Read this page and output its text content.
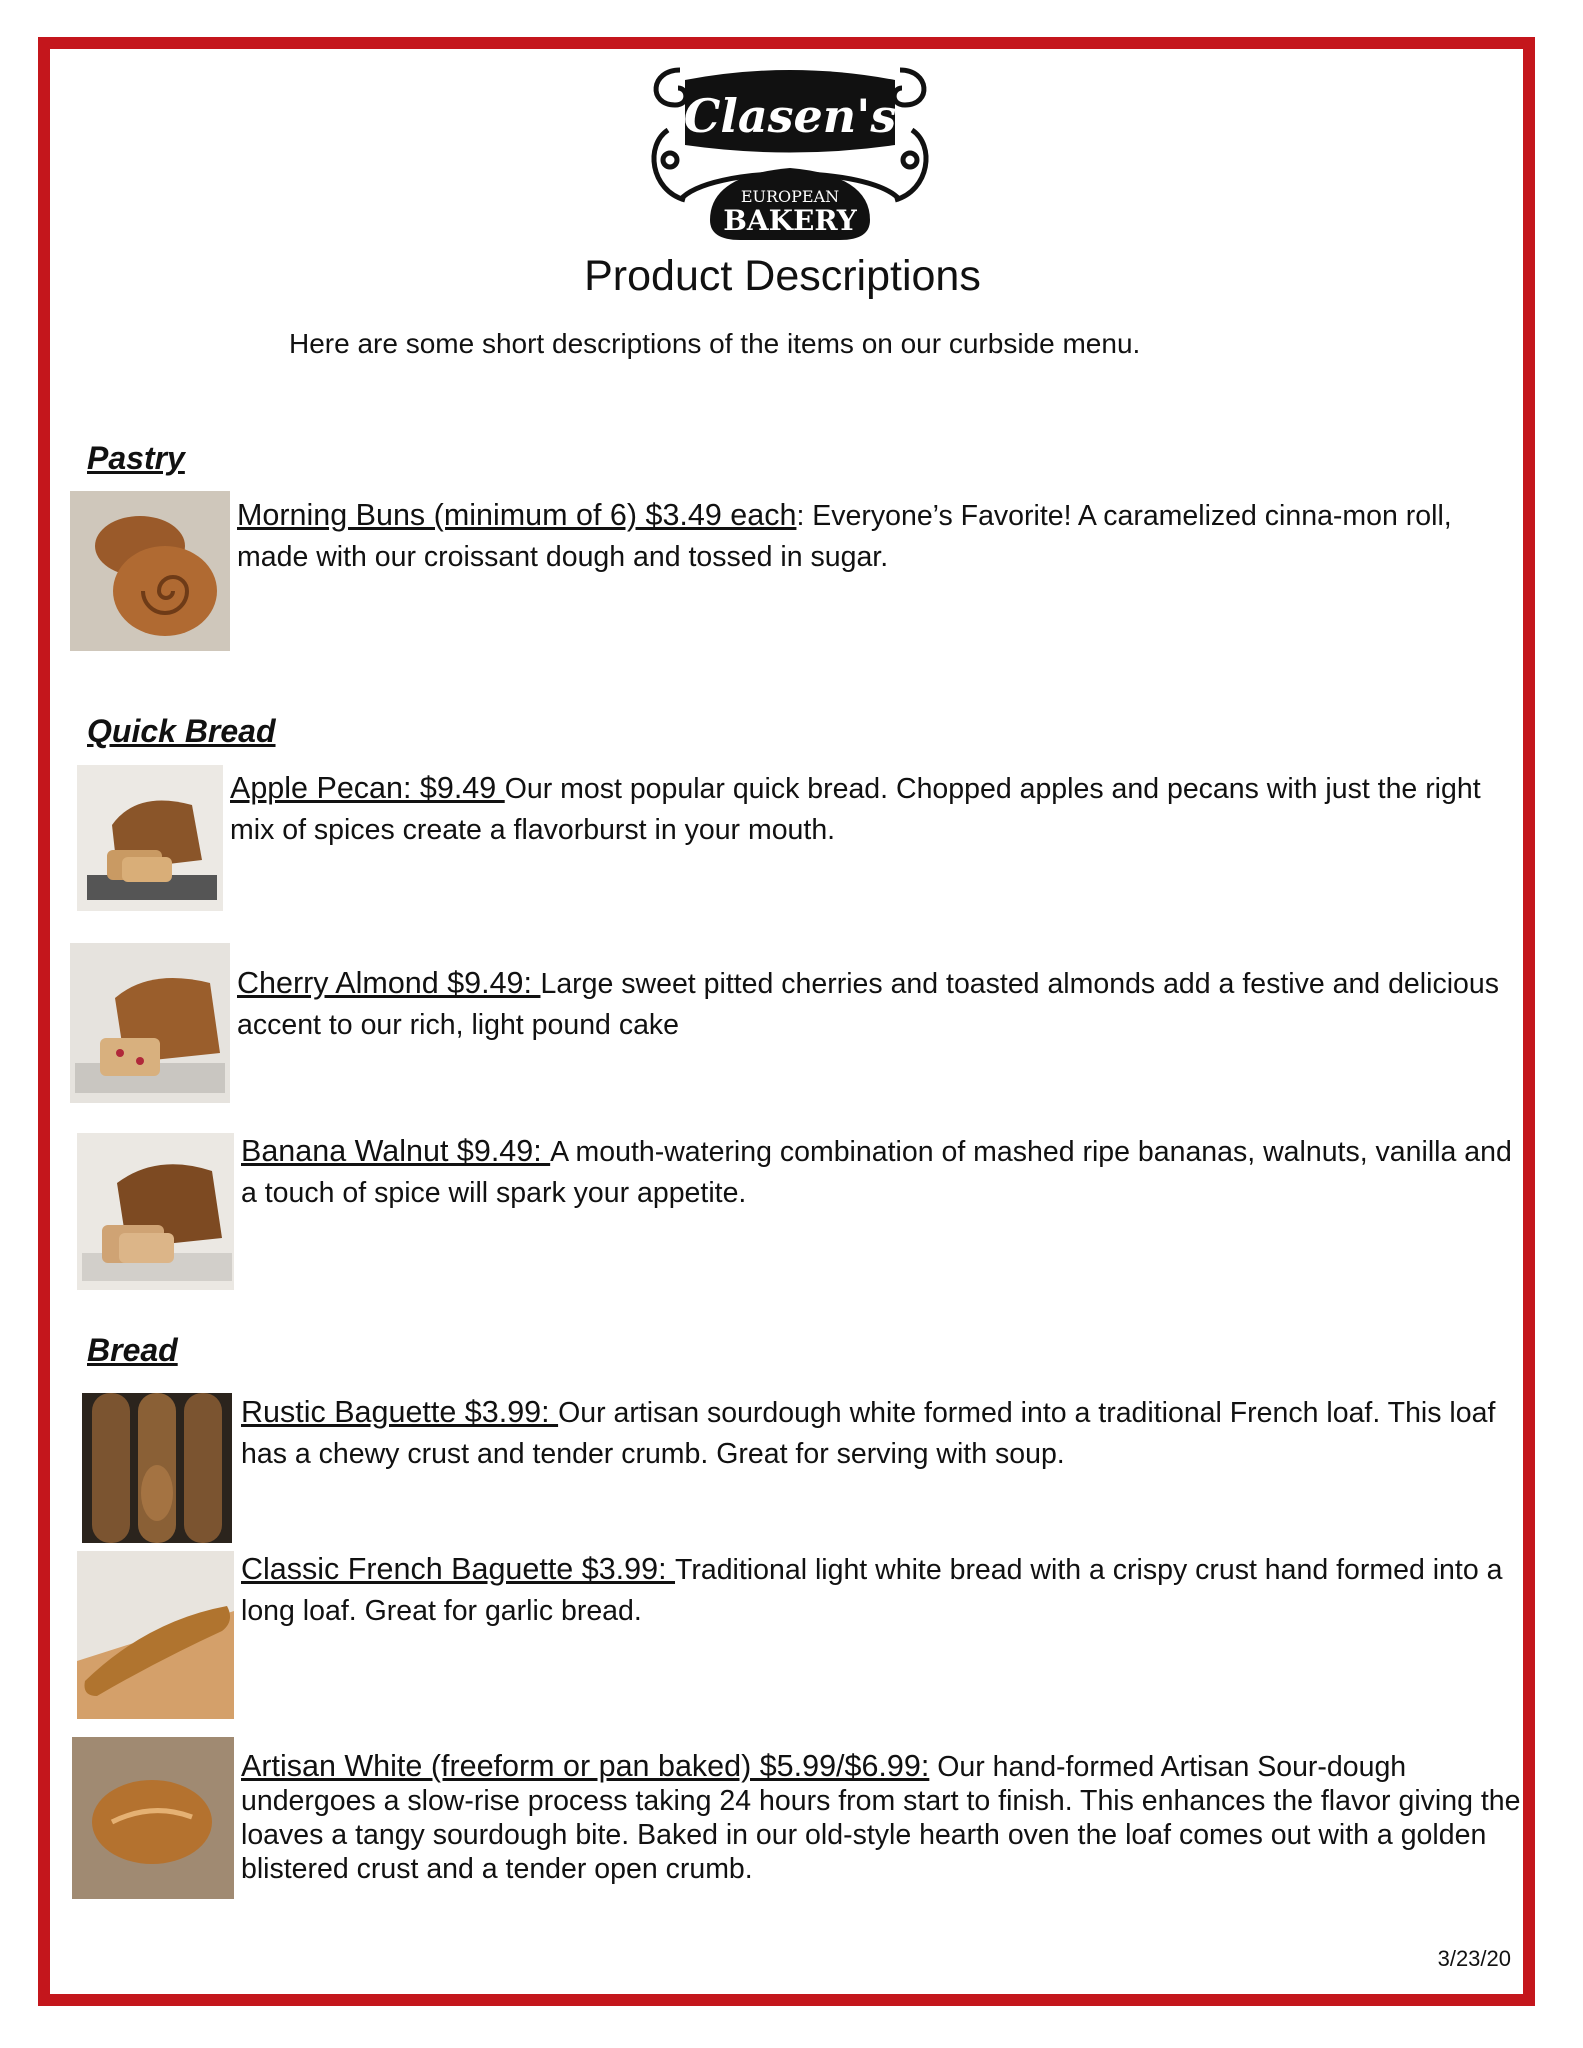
Clasen's
EUROPEAN
BAKERY
Product Descriptions
Here are some short descriptions of the items on our curbside menu.
Pastry
Morning Buns (minimum of 6) $3.49 each: Everyone’s Favorite! A caramelized cinna-mon roll, made with our croissant dough and tossed in sugar.
Quick Bread
Apple Pecan: $9.49 Our most popular quick bread. Chopped apples and pecans with just the right mix of spices create a flavorburst in your mouth.
Cherry Almond $9.49: Large sweet pitted cherries and toasted almonds add a festive and delicious accent to our rich, light pound cake
Banana Walnut $9.49: A mouth-watering combination of mashed ripe bananas, walnuts, vanilla and a touch of spice will spark your appetite.
Bread
Rustic Baguette $3.99: Our artisan sourdough white formed into a traditional French loaf. This loaf has a chewy crust and tender crumb. Great for serving with soup.
Classic French Baguette $3.99: Traditional light white bread with a crispy crust hand formed into a long loaf. Great for garlic bread.
Artisan White (freeform or pan baked) $5.99/$6.99: Our hand-formed Artisan Sour-dough undergoes a slow-rise process taking 24 hours from start to finish. This enhances the flavor giving the loaves a tangy sourdough bite. Baked in our old-style hearth oven the loaf comes out with a golden blistered crust and a tender open crumb.
3/23/20
